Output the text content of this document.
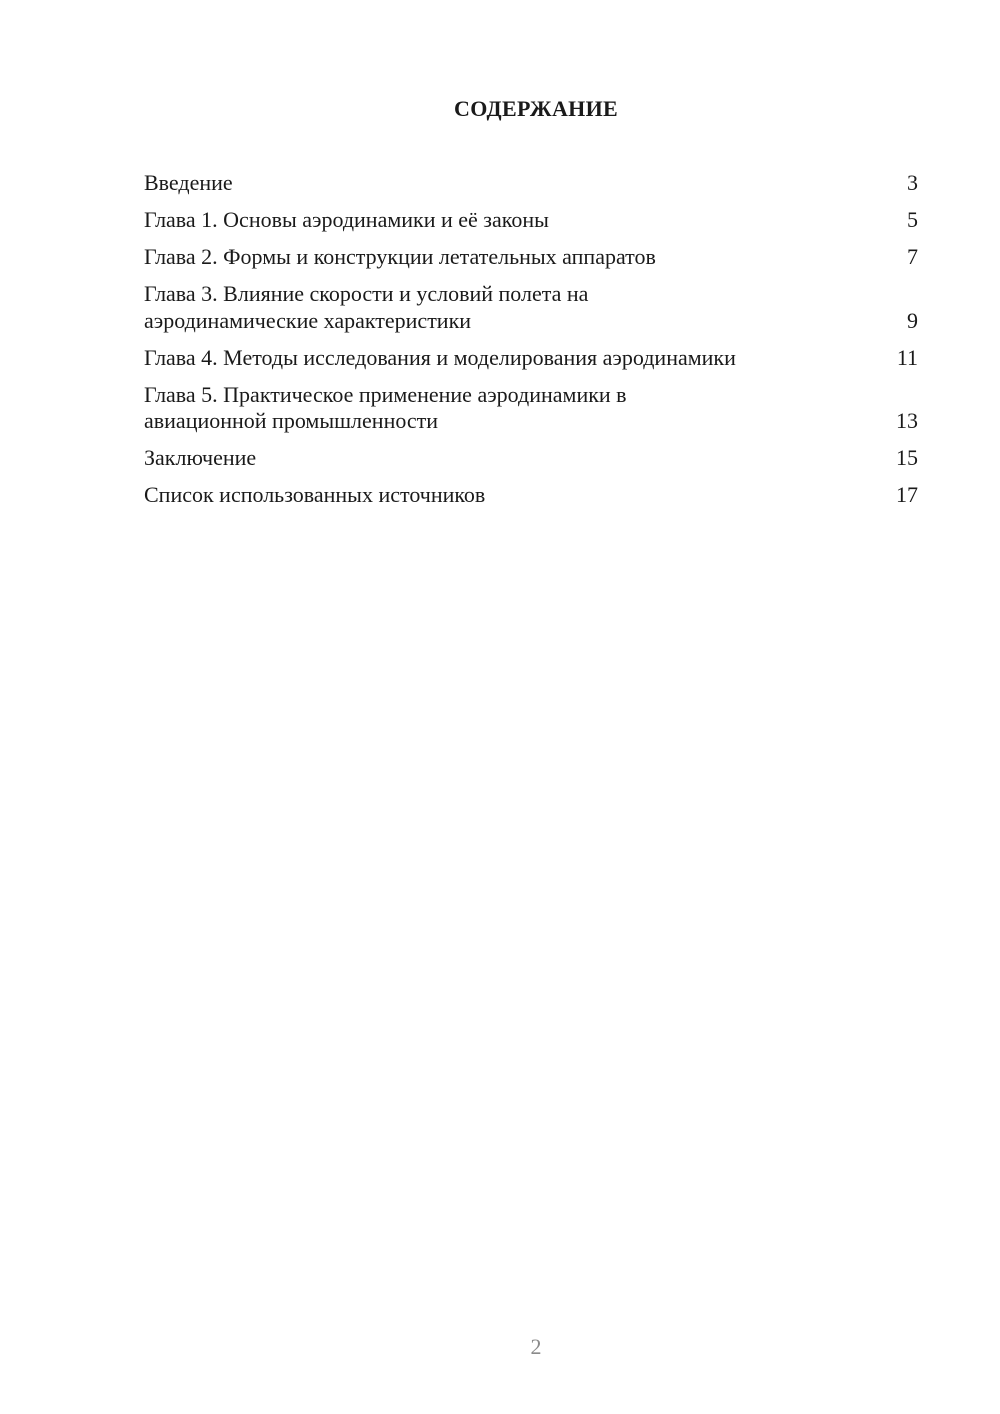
СОДЕРЖАНИЕ
Введение	3
Глава 1. Основы аэродинамики и её законы	5
Глава 2. Формы и конструкции летательных аппаратов	7
Глава 3. Влияние скорости и условий полета на
аэродинамические характеристики	9
Глава 4. Методы исследования и моделирования аэродинамики	11
Глава 5. Практическое применение аэродинамики в
авиационной промышленности	13
Заключение	15
Список использованных источников	17
2
